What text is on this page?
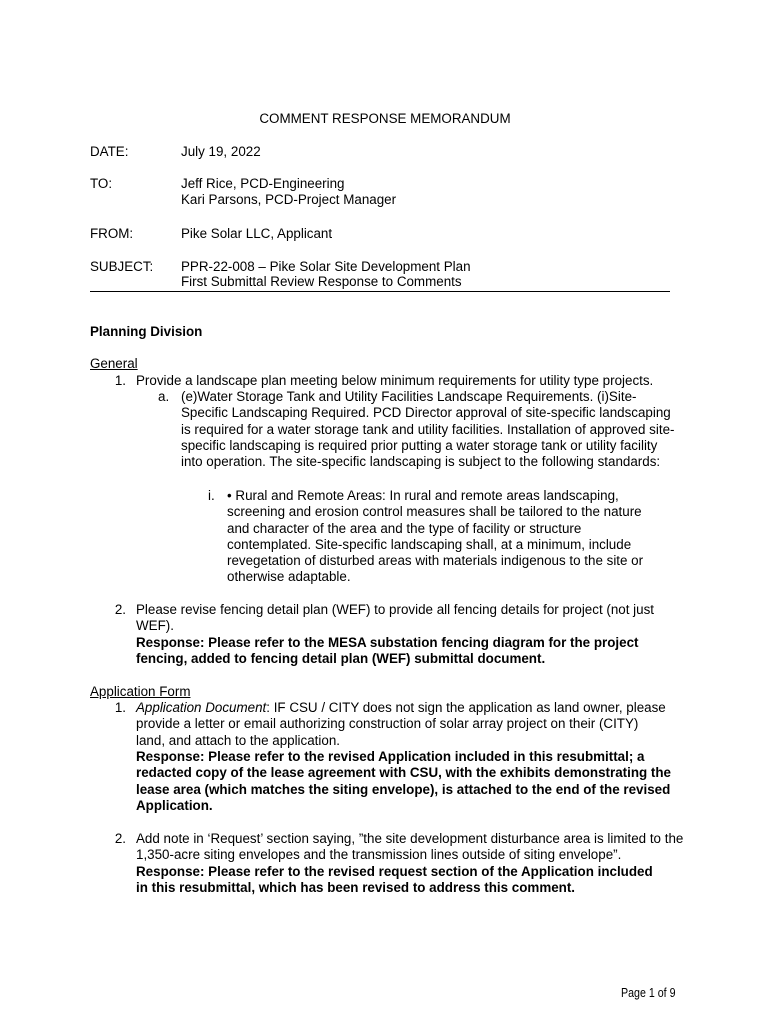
COMMENT RESPONSE MEMORANDUM
DATE:	July 19, 2022
TO:	Jeff Rice, PCD-Engineering
Kari Parsons, PCD-Project Manager
FROM:	Pike Solar LLC, Applicant
SUBJECT: PPR-22-008 – Pike Solar Site Development Plan
First Submittal Review Response to Comments
Planning Division
General
1. Provide a landscape plan meeting below minimum requirements for utility type projects.
a. (e)Water Storage Tank and Utility Facilities Landscape Requirements. (i)Site-Specific Landscaping Required. PCD Director approval of site-specific landscaping is required for a water storage tank and utility facilities. Installation of approved site-specific landscaping is required prior putting a water storage tank or utility facility into operation. The site-specific landscaping is subject to the following standards:
i. • Rural and Remote Areas: In rural and remote areas landscaping, screening and erosion control measures shall be tailored to the nature and character of the area and the type of facility or structure contemplated. Site-specific landscaping shall, at a minimum, include revegetation of disturbed areas with materials indigenous to the site or otherwise adaptable.
2. Please revise fencing detail plan (WEF) to provide all fencing details for project (not just WEF).
Response: Please refer to the MESA substation fencing diagram for the project fencing, added to fencing detail plan (WEF) submittal document.
Application Form
1. Application Document: IF CSU / CITY does not sign the application as land owner, please provide a letter or email authorizing construction of solar array project on their (CITY) land, and attach to the application.
Response: Please refer to the revised Application included in this resubmittal; a redacted copy of the lease agreement with CSU, with the exhibits demonstrating the lease area (which matches the siting envelope), is attached to the end of the revised Application.
2. Add note in ‘Request’ section saying, ”the site development disturbance area is limited to the 1,350-acre siting envelopes and the transmission lines outside of siting envelope”.
Response: Please refer to the revised request section of the Application included in this resubmittal, which has been revised to address this comment.
Page 1 of 9
